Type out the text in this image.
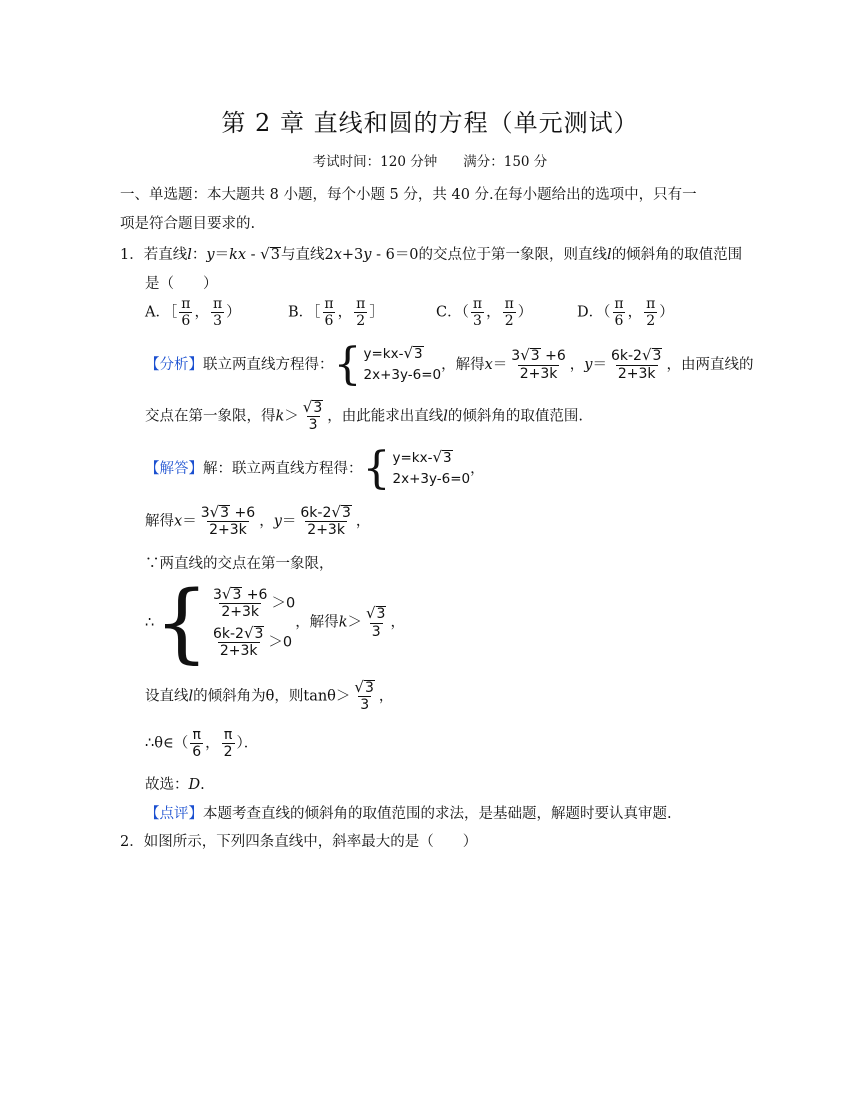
第 2 章 直线和圆的方程（单元测试）
考试时间：120 分钟 满分：150 分
一、单选题：本大题共 8 小题，每个小题 5 分，共 40 分.在每小题给出的选项中，只有一
项是符合题目要求的.
1．若直线l：y＝kx - √ 3 与直线2x+3y - 6＝0的交点位于第一象限，则直线l的倾斜角的取值范围
是（　　）
A．［ $\frac{\pi}{6}$ ， $\frac{\pi}{3}$ ）	B．［ $\frac{\pi}{6}$ ， $\frac{\pi}{2}$ ］	C．（ $\frac{\pi}{3}$ ， $\frac{\pi}{2}$ ）	D．（ $\frac{\pi}{6}$ ， $\frac{\pi}{2}$ ）
【分析】联立两直线方程得： { y=kx- √ 3
2x+3y-6=0
，解得$x= \frac{3 √ 3 +6}{2+3k}$ ，$y= \frac{6k-2 √ 3}{2+3k}$ ，由两直线的
交点在第一象限，得$k> \frac{√ 3}{3}$ ，由此能求出直线l的倾斜角的取值范围.
【解答】解：联立两直线方程得： { y=kx- √ 3
2x+3y-6=0
，
解得$x= \frac{3 √ 3 +6}{2+3k}$ ，$y= \frac{6k-2 √ 3}{2+3k}$ ，
∵两直线的交点在第一象限，
∴ { $\frac{3 √ 3 +6}{2+3k} >0$
$\frac{6k-2 √ 3}{2+3k} >0$
，解得$k> \frac{√ 3}{3}$ ，
设直线l的倾斜角为θ，则$\tan\theta> \frac{√ 3}{3}$ ，
∴θ∈（ $\frac{\pi}{6}$ ， $\frac{\pi}{2}$ ）．
故选：D.
【点评】本题考查直线的倾斜角的取值范围的求法，是基础题，解题时要认真审题.
2．如图所示，下列四条直线中，斜率最大的是（　　）
